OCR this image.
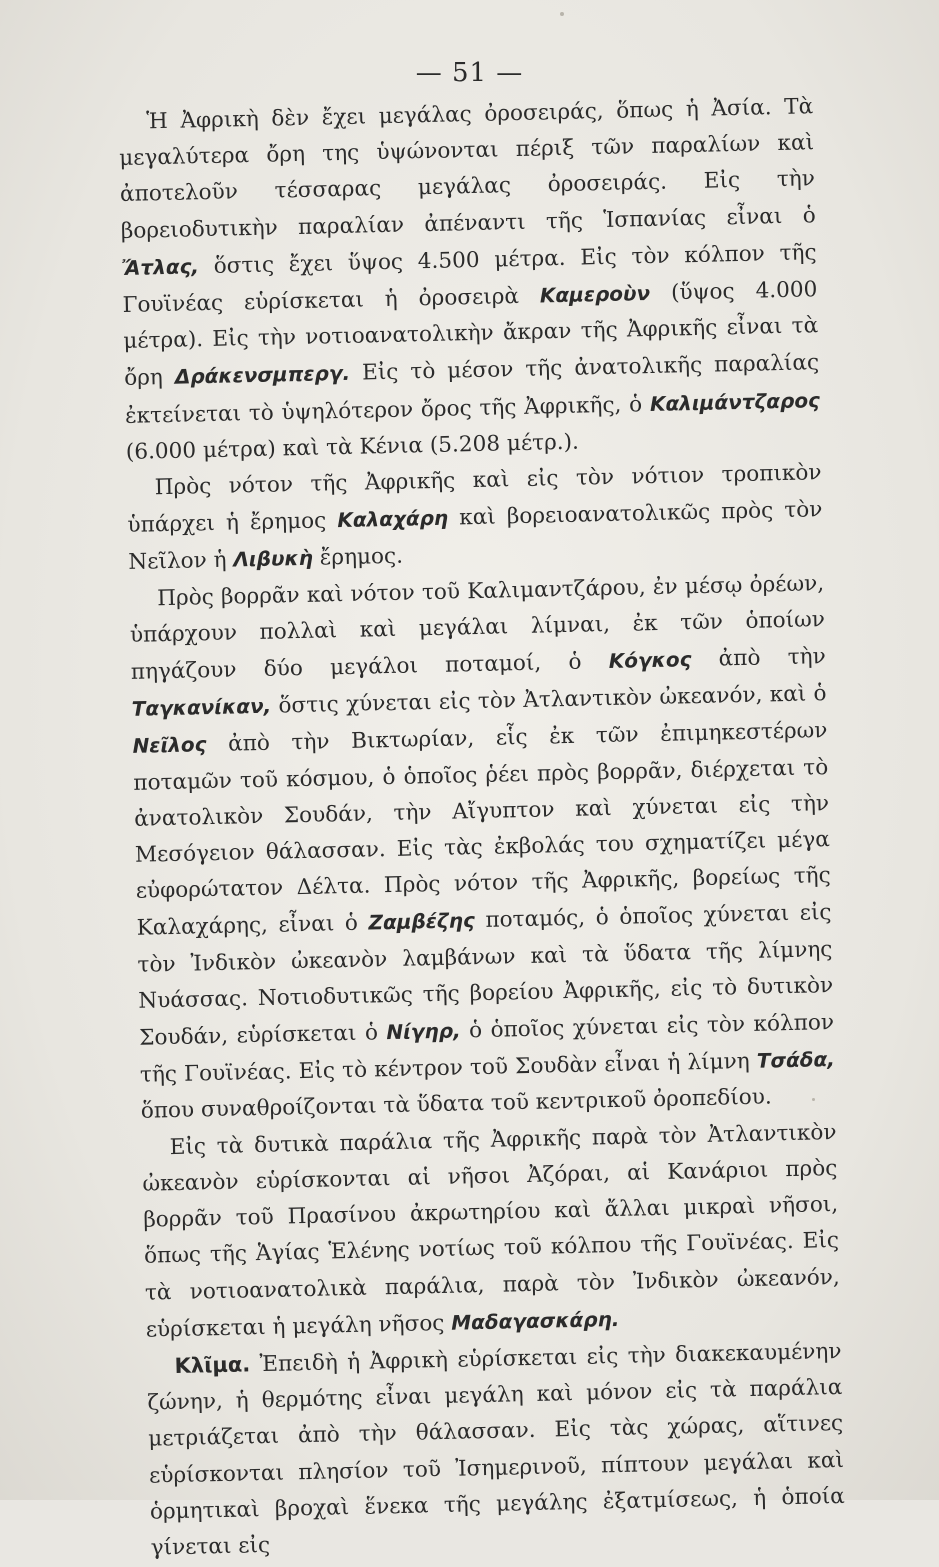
— 51 —

Ἡ Ἀφρικὴ δὲν ἔχει μεγάλας ὀροσειράς, ὅπως ἡ Ἀσία. Τὰ μεγαλύτερα ὄρη της ὑψώνονται πέριξ τῶν παραλίων καὶ ἀποτελοῦν τέσσαρας μεγάλας ὀροσειράς. Εἰς τὴν βορειοδυτικὴν παραλίαν ἀπέναντι τῆς Ἱσπανίας εἶναι ὁ Ἄτλας, ὅστις ἔχει ὕψος 4.500 μέτρα. Εἰς τὸν κόλπον τῆς Γουϊνέας εὑρίσκεται ἡ ὀροσειρὰ Καμεροὺν (ὕψος 4.000 μέτρα). Εἰς τὴν νοτιοανατολικὴν ἄκραν τῆς Ἀφρικῆς εἶναι τὰ ὄρη Δράκενσμπεργ. Εἰς τὸ μέσον τῆς ἀνατολικῆς παραλίας ἐκτείνεται τὸ ὑψηλότερον ὄρος τῆς Ἀφρικῆς, ὁ Καλιμάντζαρος (6.000 μέτρα) καὶ τὰ Κένια (5.208 μέτρ.).

Πρὸς νότον τῆς Ἀφρικῆς καὶ εἰς τὸν νότιον τροπικὸν ὑπάρχει ἡ ἔρημος Καλαχάρη καὶ βορειοανατολικῶς πρὸς τὸν Νεῖλον ἡ Λιβυκὴ ἔρημος.

Πρὸς βορρᾶν καὶ νότον τοῦ Καλιμαντζάρου, ἐν μέσῳ ὀρέων, ὑπάρχουν πολλαὶ καὶ μεγάλαι λίμναι, ἐκ τῶν ὁποίων πηγάζουν δύο μεγάλοι ποταμοί, ὁ Κόγκος ἀπὸ τὴν Ταγκανίκαν, ὅστις χύνεται εἰς τὸν Ἀτλαντικὸν ὠκεανόν, καὶ ὁ Νεῖλος ἀπὸ τὴν Βικτωρίαν, εἷς ἐκ τῶν ἐπιμηκεστέρων ποταμῶν τοῦ κόσμου, ὁ ὁποῖος ῥέει πρὸς βορρᾶν, διέρχεται τὸ ἀνατολικὸν Σουδάν, τὴν Αἴγυπτον καὶ χύνεται εἰς τὴν Μεσόγειον θάλασσαν. Εἰς τὰς ἐκβολάς του σχηματίζει μέγα εὐφορώτατον Δέλτα. Πρὸς νότον τῆς Ἀφρικῆς, βορείως τῆς Καλαχάρης, εἶναι ὁ Ζαμβέζης ποταμός, ὁ ὁποῖος χύνεται εἰς τὸν Ἰνδικὸν ὠκεανὸν λαμβάνων καὶ τὰ ὕδατα τῆς λίμνης Νυάσσας. Νοτιοδυτικῶς τῆς βορείου Ἀφρικῆς, εἰς τὸ δυτικὸν Σουδάν, εὑρίσκεται ὁ Νίγηρ, ὁ ὁποῖος χύνεται εἰς τὸν κόλπον τῆς Γουϊνέας. Εἰς τὸ κέντρον τοῦ Σουδὰν εἶναι ἡ λίμνη Τσάδα, ὅπου συναθροίζονται τὰ ὕδατα τοῦ κεντρικοῦ ὀροπεδίου.

Εἰς τὰ δυτικὰ παράλια τῆς Ἀφρικῆς παρὰ τὸν Ἀτλαντικὸν ὠκεανὸν εὑρίσκονται αἱ νῆσοι Ἀζόραι, αἱ Κανάριοι πρὸς βορρᾶν τοῦ Πρασίνου ἀκρωτηρίου καὶ ἄλλαι μικραὶ νῆσοι, ὅπως τῆς Ἁγίας Ἑλένης νοτίως τοῦ κόλπου τῆς Γουϊνέας. Εἰς τὰ νοτιοανατολικὰ παράλια, παρὰ τὸν Ἰνδικὸν ὠκεανόν, εὑρίσκεται ἡ μεγάλη νῆσος Μαδαγασκάρη.

Κλῖμα. Ἐπειδὴ ἡ Ἀφρικὴ εὑρίσκεται εἰς τὴν διακεκαυμένην ζώνην, ἡ θερμότης εἶναι μεγάλη καὶ μόνον εἰς τὰ παράλια μετριάζεται ἀπὸ τὴν θάλασσαν. Εἰς τὰς χώρας, αἵτινες εὑρίσκονται πλησίον τοῦ Ἰσημερινοῦ, πίπτουν μεγάλαι καὶ ὁρμητικαὶ βροχαὶ ἕνεκα τῆς μεγάλης ἐξατμίσεως, ἡ ὁποία γίνεται εἰς
